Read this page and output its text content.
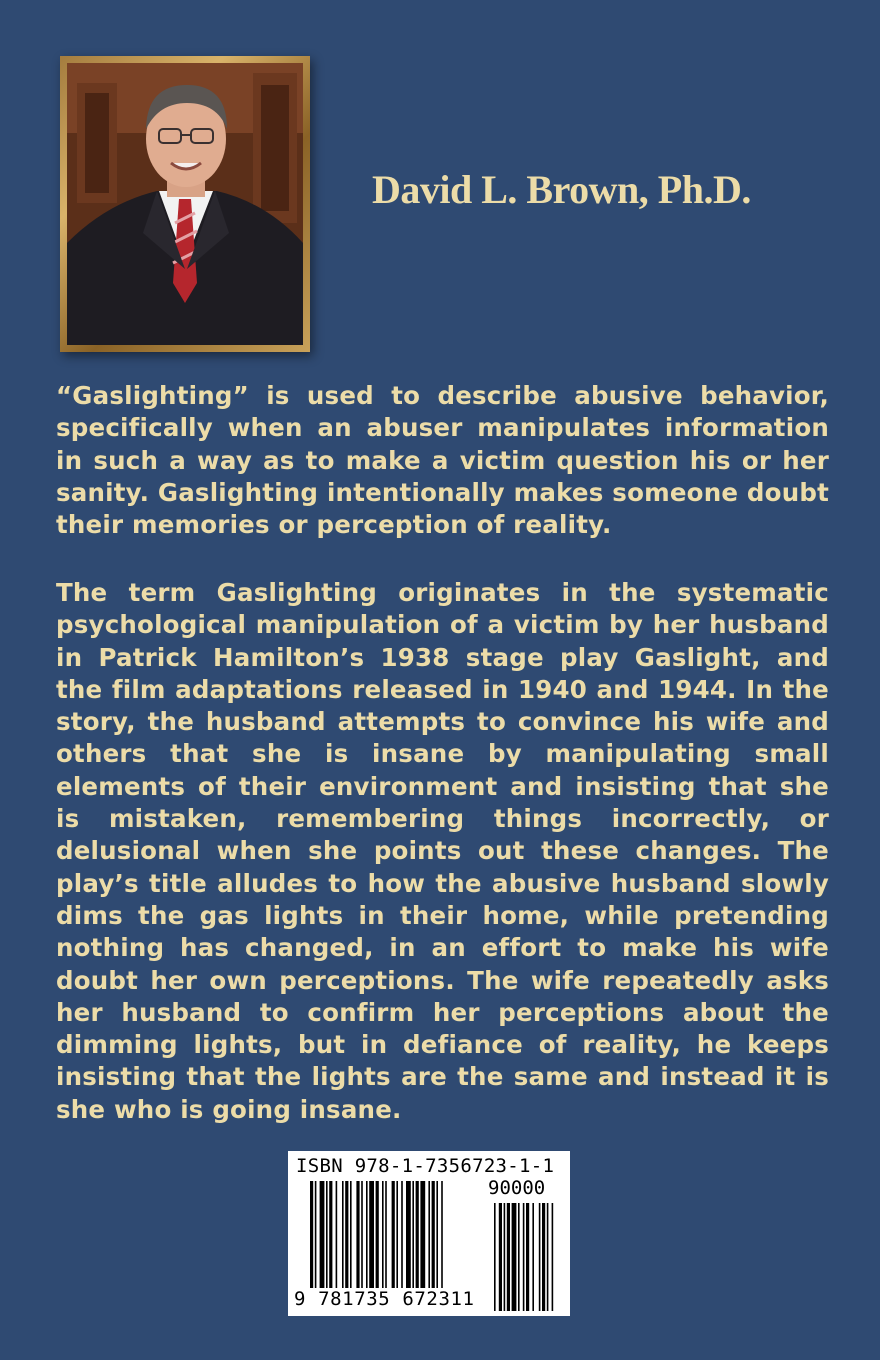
David L. Brown, Ph.D.

“Gaslighting” is used to describe abusive behavior, specifically when an abuser manipulates information in such a way as to make a victim question his or her sanity. Gaslighting intentionally makes someone doubt their memories or perception of reality.

The term Gaslighting originates in the systematic psychological manipulation of a victim by her husband in Patrick Hamilton’s 1938 stage play Gaslight, and the film adaptations released in 1940 and 1944. In the story, the husband attempts to convince his wife and others that she is insane by manipulating small elements of their environment and insisting that she is mistaken, remembering things incorrectly, or delusional when she points out these changes. The play’s title alludes to how the abusive husband slowly dims the gas lights in their home, while pretending nothing has changed, in an effort to make his wife doubt her own perceptions. The wife repeatedly asks her husband to confirm her perceptions about the dimming lights, but in defiance of reality, he keeps insisting that the lights are the same and instead it is she who is going insane.

ISBN 978-1-7356723-1-1

90000

9 781735 672311
